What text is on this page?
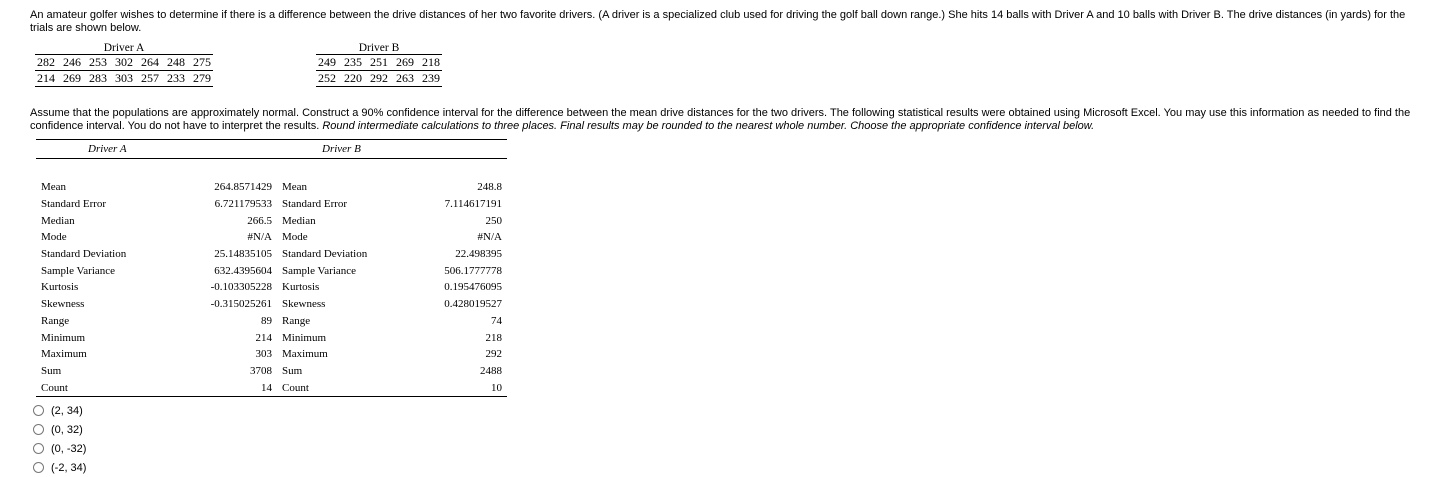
An amateur golfer wishes to determine if there is a difference between the drive distances of her two favorite drivers. (A driver is a specialized club used for driving the golf ball down range.) She hits 14 balls with Driver A and 10 balls with Driver B. The drive distances (in yards) for the trials are shown below.
Driver A
282	246	253	302	264	248	275
214	269	283	303	257	233	279
Driver B
249	235	251	269	218
252	220	292	263	239
Assume that the populations are approximately normal. Construct a 90% confidence interval for the difference between the mean drive distances for the two drivers. The following statistical results were obtained using Microsoft Excel. You may use this information as needed to find the confidence interval. You do not have to interpret the results. Round intermediate calculations to three places. Final results may be rounded to the nearest whole number. Choose the appropriate confidence interval below.
Driver A		Driver B	

Mean	264.8571429	Mean	248.8
Standard Error	6.721179533	Standard Error	7.114617191
Median	266.5	Median	250
Mode	#N/A	Mode	#N/A
Standard Deviation	25.14835105	Standard Deviation	22.498395
Sample Variance	632.4395604	Sample Variance	506.1777778
Kurtosis	-0.103305228	Kurtosis	0.195476095
Skewness	-0.315025261	Skewness	0.428019527
Range	89	Range	74
Minimum	214	Minimum	218
Maximum	303	Maximum	292
Sum	3708	Sum	2488
Count	14	Count	10
(2, 34)
(0, 32)
(0, -32)
(-2, 34)
